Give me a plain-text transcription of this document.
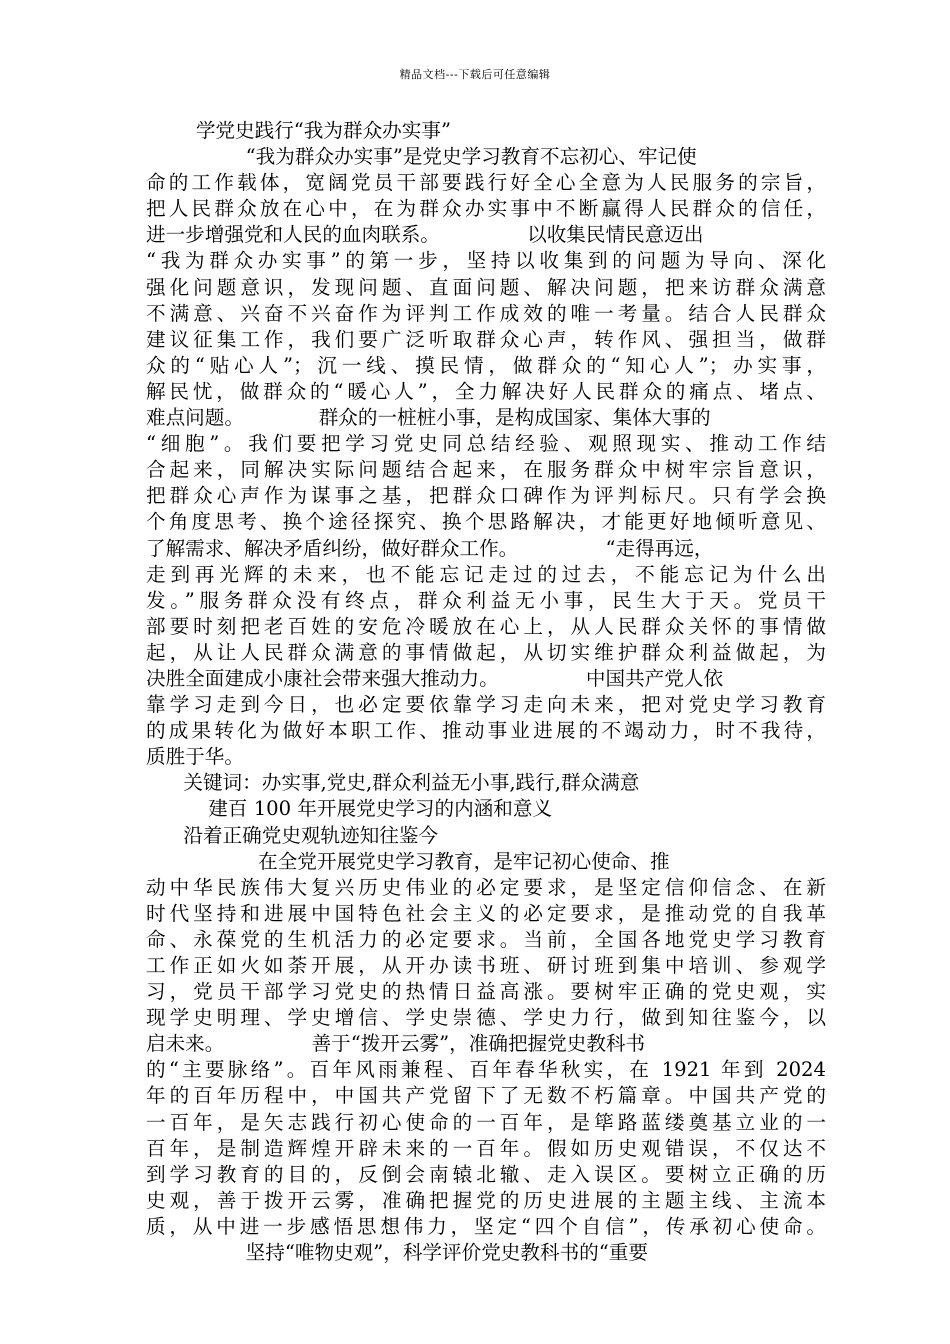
精品文档---下载后可任意编辑
学党史践行“我为群众办实事”
“我为群众办实事”是党史学习教育不忘初心、牢记使
命的工作载体，宽阔党员干部要践行好全心全意为人民服务的宗旨，
把人民群众放在心中，在为群众办实事中不断赢得人民群众的信任，
进一步增强党和人民的血肉联系。              以收集民情民意迈出
“我为群众办实事”的第一步，坚持以收集到的问题为导向、深化
强化问题意识，发现问题、直面问题、解决问题，把来访群众满意
不满意、兴奋不兴奋作为评判工作成效的唯一考量。结合人民群众
建议征集工作，我们要广泛听取群众心声，转作风、强担当，做群
众的“贴心人”；沉一线、摸民情，做群众的“知心人”；办实事，
解民忧，做群众的“暖心人”，全力解决好人民群众的痛点、堵点、
难点问题。            群众的一桩桩小事，是构成国家、集体大事的
“细胞”。我们要把学习党史同总结经验、观照现实、推动工作结
合起来，同解决实际问题结合起来，在服务群众中树牢宗旨意识，
把群众心声作为谋事之基，把群众口碑作为评判标尺。只有学会换
个角度思考、换个途径探究、换个思路解决，才能更好地倾听意见、
了解需求、解决矛盾纠纷，做好群众工作。              “走得再远，
走到再光辉的未来，也不能忘记走过的过去，不能忘记为什么出
发。”服务群众没有终点，群众利益无小事，民生大于天。党员干
部要时刻把老百姓的安危冷暖放在心上，从人民群众关怀的事情做
起，从让人民群众满意的事情做起，从切实维护群众利益做起，为
决胜全面建成小康社会带来强大推动力。              中国共产党人依
靠学习走到今日，也必定要依靠学习走向未来，把对党史学习教育
的成果转化为做好本职工作、推动事业进展的不竭动力，时不我待，
质胜于华。
关键词：办实事,党史,群众利益无小事,践行,群众满意
建百 100 年开展党史学习的内涵和意义
沿着正确党史观轨迹知往鉴今
在全党开展党史学习教育，是牢记初心使命、推
动中华民族伟大复兴历史伟业的必定要求，是坚定信仰信念、在新
时代坚持和进展中国特色社会主义的必定要求，是推动党的自我革
命、永葆党的生机活力的必定要求。当前，全国各地党史学习教育
工作正如火如荼开展，从开办读书班、研讨班到集中培训、参观学
习，党员干部学习党史的热情日益高涨。要树牢正确的党史观，实
现学史明理、学史增信、学史崇德、学史力行，做到知往鉴今，以
启未来。              善于“拨开云雾”，准确把握党史教科书
的“主要脉络”。百年风雨兼程、百年春华秋实，在 1921 年到 2024
年的百年历程中，中国共产党留下了无数不朽篇章。中国共产党的
一百年，是矢志践行初心使命的一百年，是筚路蓝缕奠基立业的一
百年，是制造辉煌开辟未来的一百年。假如历史观错误，不仅达不
到学习教育的目的，反倒会南辕北辙、走入误区。要树立正确的历
史观，善于拨开云雾，准确把握党的历史进展的主题主线、主流本
质，从中进一步感悟思想伟力，坚定“四个自信”，传承初心使命。
坚持“唯物史观”，科学评价党史教科书的“重要
